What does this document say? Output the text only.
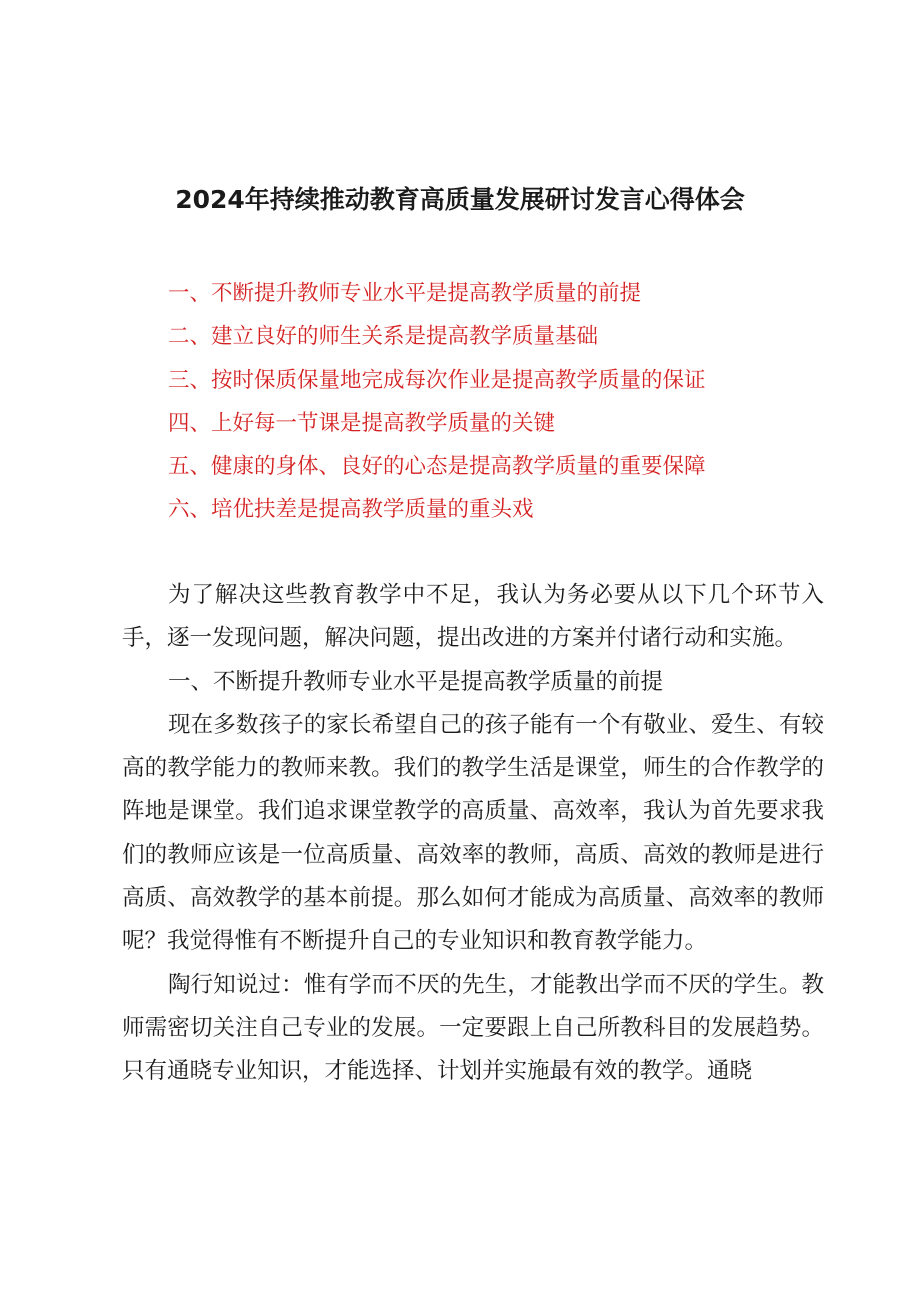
2024年持续推动教育高质量发展研讨发言心得体会
一、不断提升教师专业水平是提高教学质量的前提
二、建立良好的师生关系是提高教学质量基础
三、按时保质保量地完成每次作业是提高教学质量的保证
四、上好每一节课是提高教学质量的关键
五、健康的身体、良好的心态是提高教学质量的重要保障
六、培优扶差是提高教学质量的重头戏

为了解决这些教育教学中不足，我认为务必要从以下几个环节入手，逐一发现问题，解决问题，提出改进的方案并付诸行动和实施。

一、不断提升教师专业水平是提高教学质量的前提

现在多数孩子的家长希望自己的孩子能有一个有敬业、爱生、有较高的教学能力的教师来教。我们的教学生活是课堂，师生的合作教学的阵地是课堂。我们追求课堂教学的高质量、高效率，我认为首先要求我们的教师应该是一位高质量、高效率的教师，高质、高效的教师是进行高质、高效教学的基本前提。那么如何才能成为高质量、高效率的教师呢？我觉得惟有不断提升自己的专业知识和教育教学能力。

陶行知说过：惟有学而不厌的先生，才能教出学而不厌的学生。教师需密切关注自己专业的发展。一定要跟上自己所教科目的发展趋势。只有通晓专业知识，才能选择、计划并实施最有效的教学。通晓
